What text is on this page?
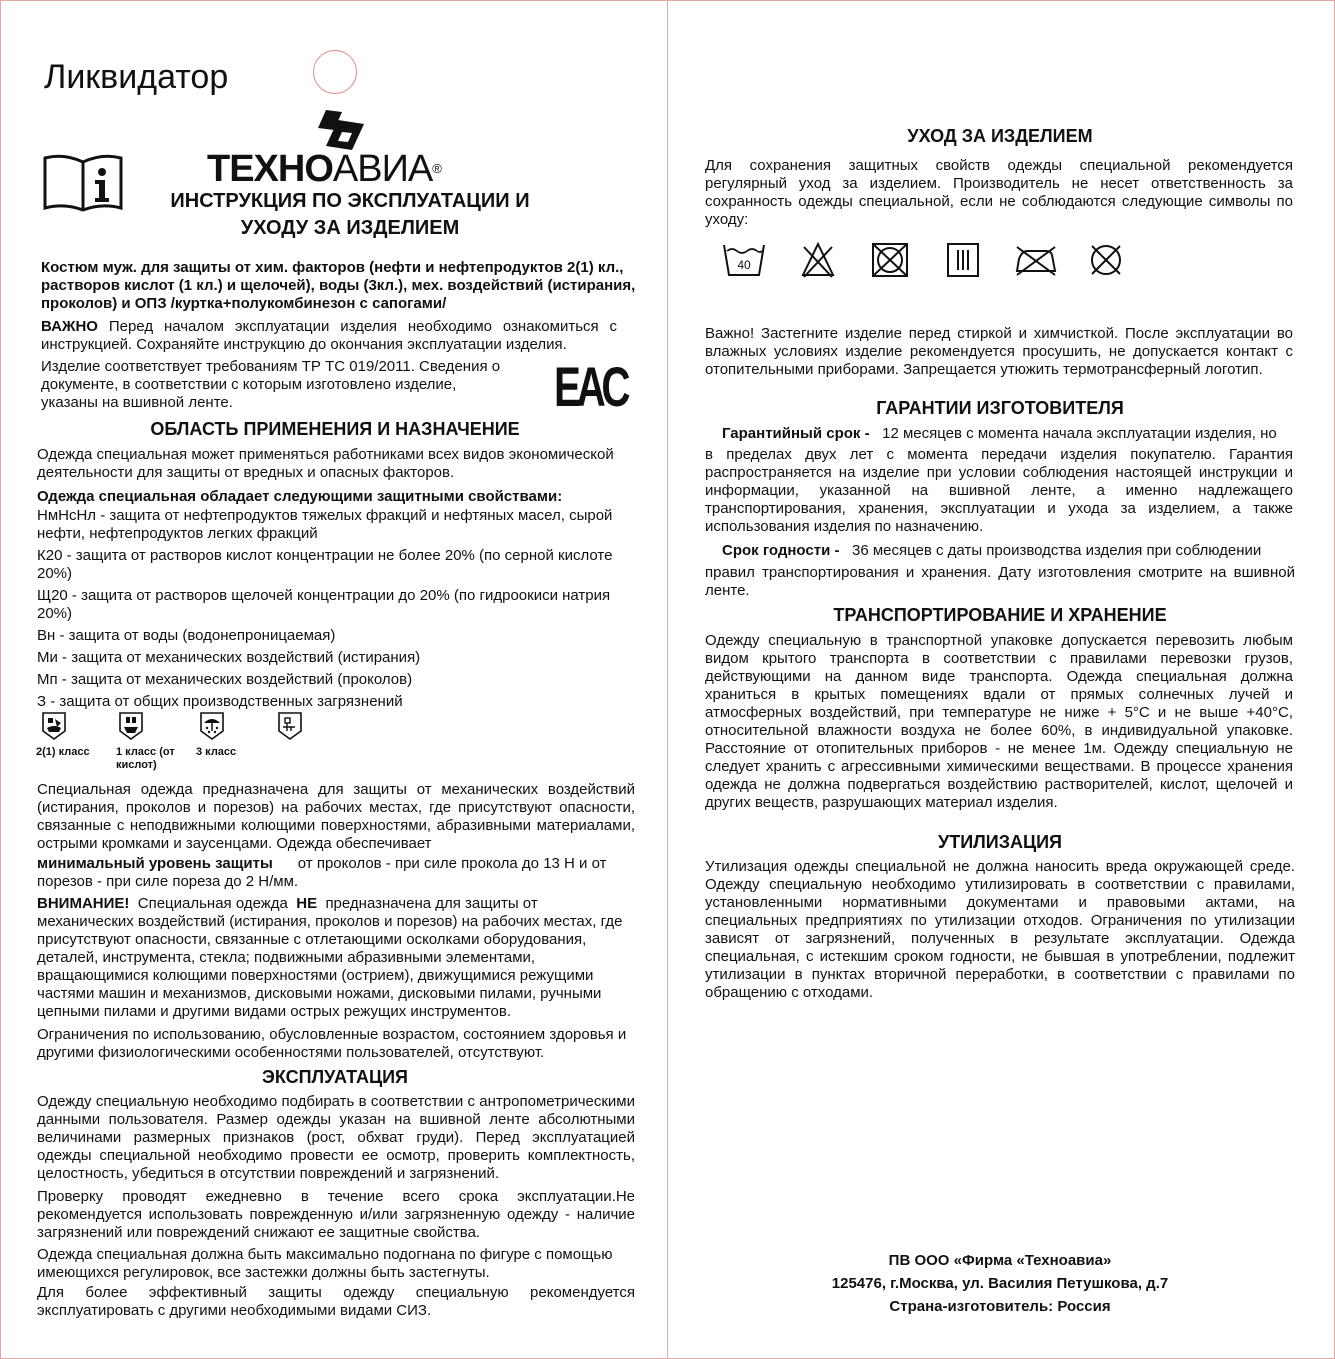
Ликвидатор
ТЕХНОАВИА®
ИНСТРУКЦИЯ ПО ЭКСПЛУАТАЦИИ И
УХОДУ ЗА ИЗДЕЛИЕМ

Костюм муж. для защиты от хим. факторов (нефти и нефтепродуктов 2(1) кл., растворов кислот (1 кл.) и щелочей), воды (3кл.), мех. воздействий (истирания, проколов) и ОПЗ /куртка+полукомбинезон с сапогами/

ВАЖНО Перед началом эксплуатации изделия необходимо ознакомиться с инструкцией. Сохраняйте инструкцию до окончания эксплуатации изделия.

Изделие соответствует требованиям ТР ТС 019/2011. Сведения о документе, в соответствии с которым изготовлено изделие, указаны на вшивной ленте.	EAC
ОБЛАСТЬ ПРИМЕНЕНИЯ И НАЗНАЧЕНИЕ

Одежда специальная может применяться работниками всех видов экономической деятельности для защиты от вредных и опасных факторов.

Одежда специальная обладает следующими защитными свойствами:

НмНсНл - защита от нефтепродуктов тяжелых фракций и нефтяных масел, сырой нефти, нефтепродуктов легких фракций

К20 - защита от растворов кислот концентрации не более 20% (по серной кислоте 20%)

Щ20 - защита от растворов щелочей концентрации до 20% (по гидроокиси натрия 20%)

Вн - защита от воды (водонепроницаемая)

Ми - защита от механических воздействий (истирания)

Мп - защита от механических воздействий (проколов)

З - защита от общих производственных загрязнений

2(1) класс	1 класс (от кислот)
3 класс

Специальная одежда предназначена для защиты от механических воздействий (истирания, проколов и порезов) на рабочих местах, где присутствуют опасности, связанные с неподвижными колющими поверхностями, абразивными материалами, острыми кромками и заусенцами. Одежда обеспечивает

минимальный уровень защиты от проколов - при силе прокола до 13 Н и от порезов - при силе пореза до 2 Н/мм.

ВНИМАНИЕ! Специальная одежда НЕ предназначена для защиты от механических воздействий (истирания, проколов и порезов) на рабочих местах, где присутствуют опасности, связанные с отлетающими осколками оборудования, деталей, инструмента, стекла; подвижными абразивными элементами, вращающимися колющими поверхностями (острием), движущимися режущими частями машин и механизмов, дисковыми ножами, дисковыми пилами, ручными цепными пилами и другими видами острых режущих инструментов.

Ограничения по использованию, обусловленные возрастом, состоянием здоровья и другими физиологическими особенностями пользователей, отсутствуют.

ЭКСПЛУАТАЦИЯ

Одежду специальную необходимо подбирать в соответствии с антропометрическими данными пользователя. Размер одежды указан на вшивной ленте абсолютными величинами размерных признаков (рост, обхват груди). Перед эксплуатацией одежды специальной необходимо провести ее осмотр, проверить комплектность, целостность, убедиться в отсутствии повреждений и загрязнений.

Проверку проводят ежедневно в течение всего срока эксплуатации.Не рекомендуется использовать поврежденную и/или загрязненную одежду - наличие загрязнений или повреждений снижают ее защитные свойства.

Одежда специальная должна быть максимально подогнана по фигуре с помощью имеющихся регулировок, все застежки должны быть застегнуты.

Для более эффективный защиты одежду специальную рекомендуется эксплуатировать с другими необходимыми видами СИЗ.

УХОД ЗА ИЗДЕЛИЕМ

Для сохранения защитных свойств одежды специальной рекомендуется регулярный уход за изделием. Производитель не несет ответственность за сохранность одежды специальной, если не соблюдаются следующие символы по уходу:

40

Важно! Застегните изделие перед стиркой и химчисткой. После эксплуатации во влажных условиях изделие рекомендуется просушить, не допускается контакт с отопительными приборами. Запрещается утюжить термотрансферный логотип.

ГАРАНТИИ ИЗГОТОВИТЕЛЯ

Гарантийный срок - 12 месяцев с момента начала эксплуатации изделия, но

в пределах двух лет с момента передачи изделия покупателю. Гарантия распространяется на изделие при условии соблюдения настоящей инструкции и информации, указанной на вшивной ленте, а именно надлежащего транспортирования, хранения, эксплуатации и ухода за изделием, а также использования изделия по назначению.

Срок годности - 36 месяцев с даты производства изделия при соблюдении

правил транспортирования и хранения. Дату изготовления смотрите на вшивной ленте.

ТРАНСПОРТИРОВАНИЕ И ХРАНЕНИЕ

Одежду специальную в транспортной упаковке допускается перевозить любым видом крытого транспорта в соответствии с правилами перевозки грузов, действующими на данном виде транспорта. Одежда специальная должна храниться в крытых помещениях вдали от прямых солнечных лучей и атмосферных воздействий, при температуре не ниже + 5°С и не выше +40°С, относительной влажности воздуха не более 60%, в индивидуальной упаковке. Расстояние от отопительных приборов - не менее 1м. Одежду специальную не следует хранить с агрессивными химическими веществами. В процессе хранения одежда не должна подвергаться воздействию растворителей, кислот, щелочей и других веществ, разрушающих материал изделия.

УТИЛИЗАЦИЯ

Утилизация одежды специальной не должна наносить вреда окружающей среде. Одежду специальную необходимо утилизировать в соответствии с правилами, установленными нормативными документами и правовыми актами, на специальных предприятиях по утилизации отходов. Ограничения по утилизации зависят от загрязнений, полученных в результате эксплуатации. Одежда специальная, с истекшим сроком годности, не бывшая в употреблении, подлежит утилизации в пунктах вторичной переработки, в соответствии с правилами по обращению с отходами.

ПВ ООО «Фирма «Техноавиа»
125476, г.Москва, ул. Василия Петушкова, д.7
Страна-изготовитель: Россия
